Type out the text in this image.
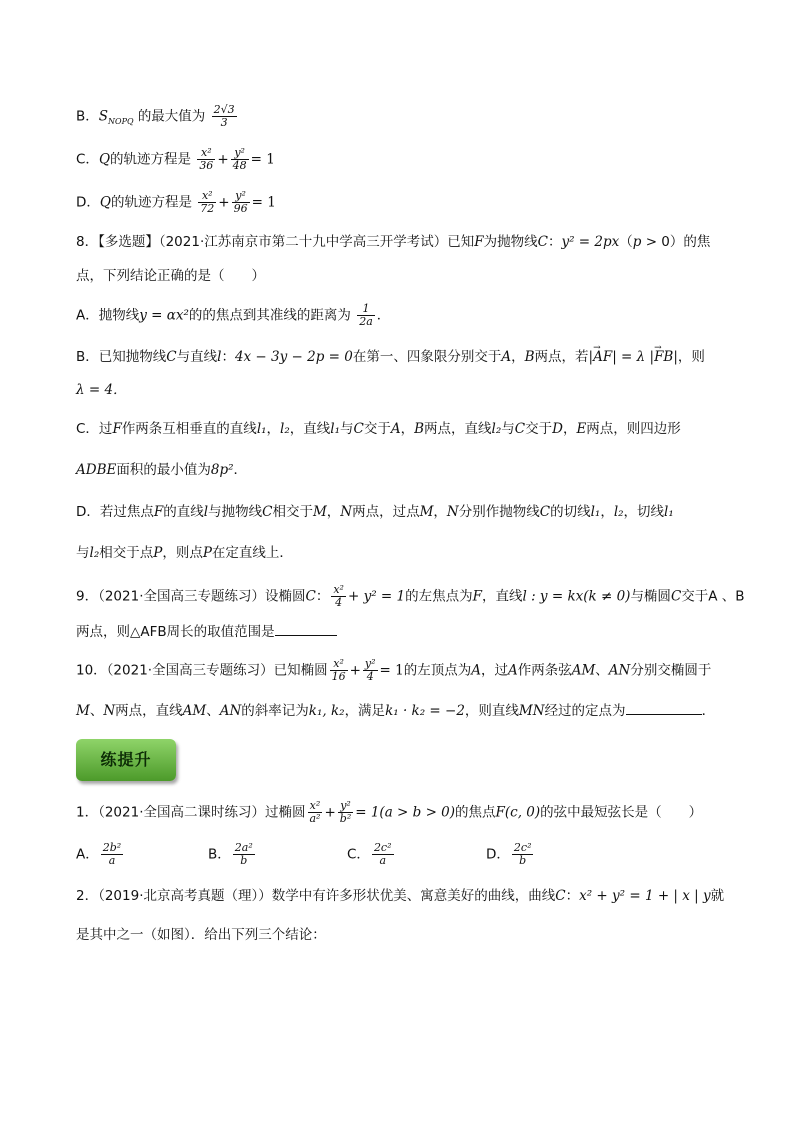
B．$S_{NOPQ}$ 的最大值为 $\frac{2√3}{3}$
C．Q的轨迹方程是 $\frac{\text{x²}}{36} + \frac{\text{y²}}{48} = 1$
D．Q的轨迹方程是 $\frac{\text{x²}}{72} + \frac{\text{y²}}{96} = 1$
8．【多选题】（2021·江苏南京市第二十九中学高三开学考试）已知F为抛物线C：y² = 2px（p > 0）的焦
点，下列结论正确的是（　　）
A．抛物线y = αx²的的焦点到其准线的距离为 $\frac{1}{2a}$ ．
B．已知抛物线C与直线l：4x − 3y − 2p = 0在第一、四象限分别交于A，B两点，若|→ AF| = λ |→ FB|，则
λ = 4．
C．过F作两条互相垂直的直线l₁，l₂，直线l₁与C交于A，B两点，直线l₂与C交于D，E两点，则四边形
ADBE面积的最小值为8p²．
D．若过焦点F的直线l与抛物线C相交于M，N两点，过点M，N分别作抛物线C的切线l₁，l₂，切线l₁
与l₂相交于点P，则点P在定直线上．
9．（2021·全国高三专题练习）设椭圆C： $\frac{\text{x²}}{4} + y^2 = 1$的左焦点为F，直线l : y = kx(k ≠ 0)与椭圆C交于A 、B
两点，则△AFB周长的取值范围是
10．（2021·全国高三专题练习）已知椭圆 $\frac{\text{x²}}{16} + \frac{\text{y²}}{4} = 1$的左顶点为A，过A作两条弦AM、AN分别交椭圆于
M、N两点，直线AM、AN的斜率记为k₁, k₂，满足k₁ · k₂ = −2，则直线MN经过的定点为	．
练提升
1．（2021·全国高二课时练习）过椭圆 $\frac{\text{x²}}{\text{a²}} + \frac{\text{y²}}{\text{b²}} = 1(a > b > 0)$的焦点F(c, 0)的弦中最短弦长是（　　）
A． $\frac{\text{2b²}}{a}$	B． $\frac{\text{2a²}}{b}$	C． $\frac{\text{2c²}}{a}$	D． $\frac{\text{2c²}}{b}$
2．（2019·北京高考真题（理））数学中有许多形状优美、寓意美好的曲线，曲线C：x² + y² = 1 + | x | y就
是其中之一（如图）．给出下列三个结论：
